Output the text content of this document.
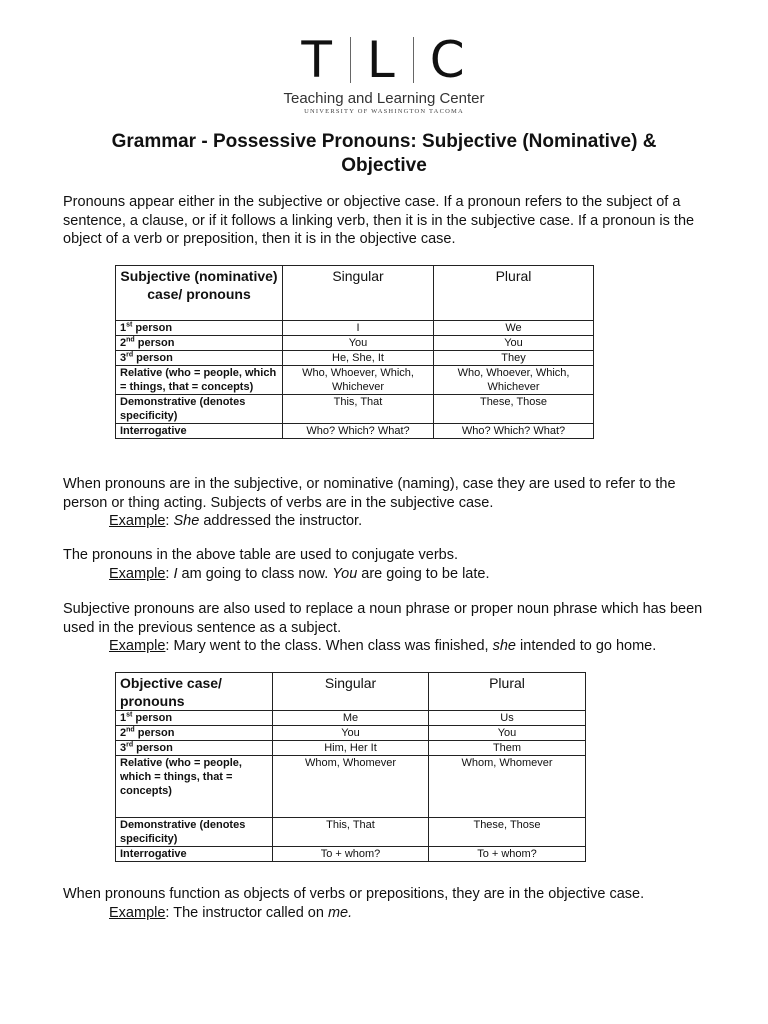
T L C
Teaching and Learning Center
UNIVERSITY OF WASHINGTON TACOMA
Grammar - Possessive Pronouns: Subjective (Nominative) &
Objective
Pronouns appear either in the subjective or objective case. If a pronoun refers to the subject of a sentence, a clause, or if it follows a linking verb, then it is in the subjective case. If a pronoun is the object of a verb or preposition, then it is in the objective case.
Subjective (nominative) case/ pronouns	Singular	Plural
1st person	I	We
2nd person	You	You
3rd person	He, She, It	They
Relative (who = people, which = things, that = concepts)	Who, Whoever, Which, Whichever	Who, Whoever, Which, Whichever
Demonstrative (denotes specificity)	This, That	These, Those
Interrogative	Who? Which? What?	Who? Which? What?
When pronouns are in the subjective, or nominative (naming), case they are used to refer to the person or thing acting. Subjects of verbs are in the subjective case.
Example: She addressed the instructor.
The pronouns in the above table are used to conjugate verbs.
Example: I am going to class now. You are going to be late.
Subjective pronouns are also used to replace a noun phrase or proper noun phrase which has been used in the previous sentence as a subject.
Example: Mary went to the class. When class was finished, she intended to go home.
Objective case/ pronouns	Singular	Plural
1st person	Me	Us
2nd person	You	You
3rd person	Him, Her It	Them
Relative (who = people, which = things, that = concepts)	Whom, Whomever	Whom, Whomever
Demonstrative (denotes specificity)	This, That	These, Those
Interrogative	To + whom?	To + whom?
When pronouns function as objects of verbs or prepositions, they are in the objective case.
Example: The instructor called on me.
